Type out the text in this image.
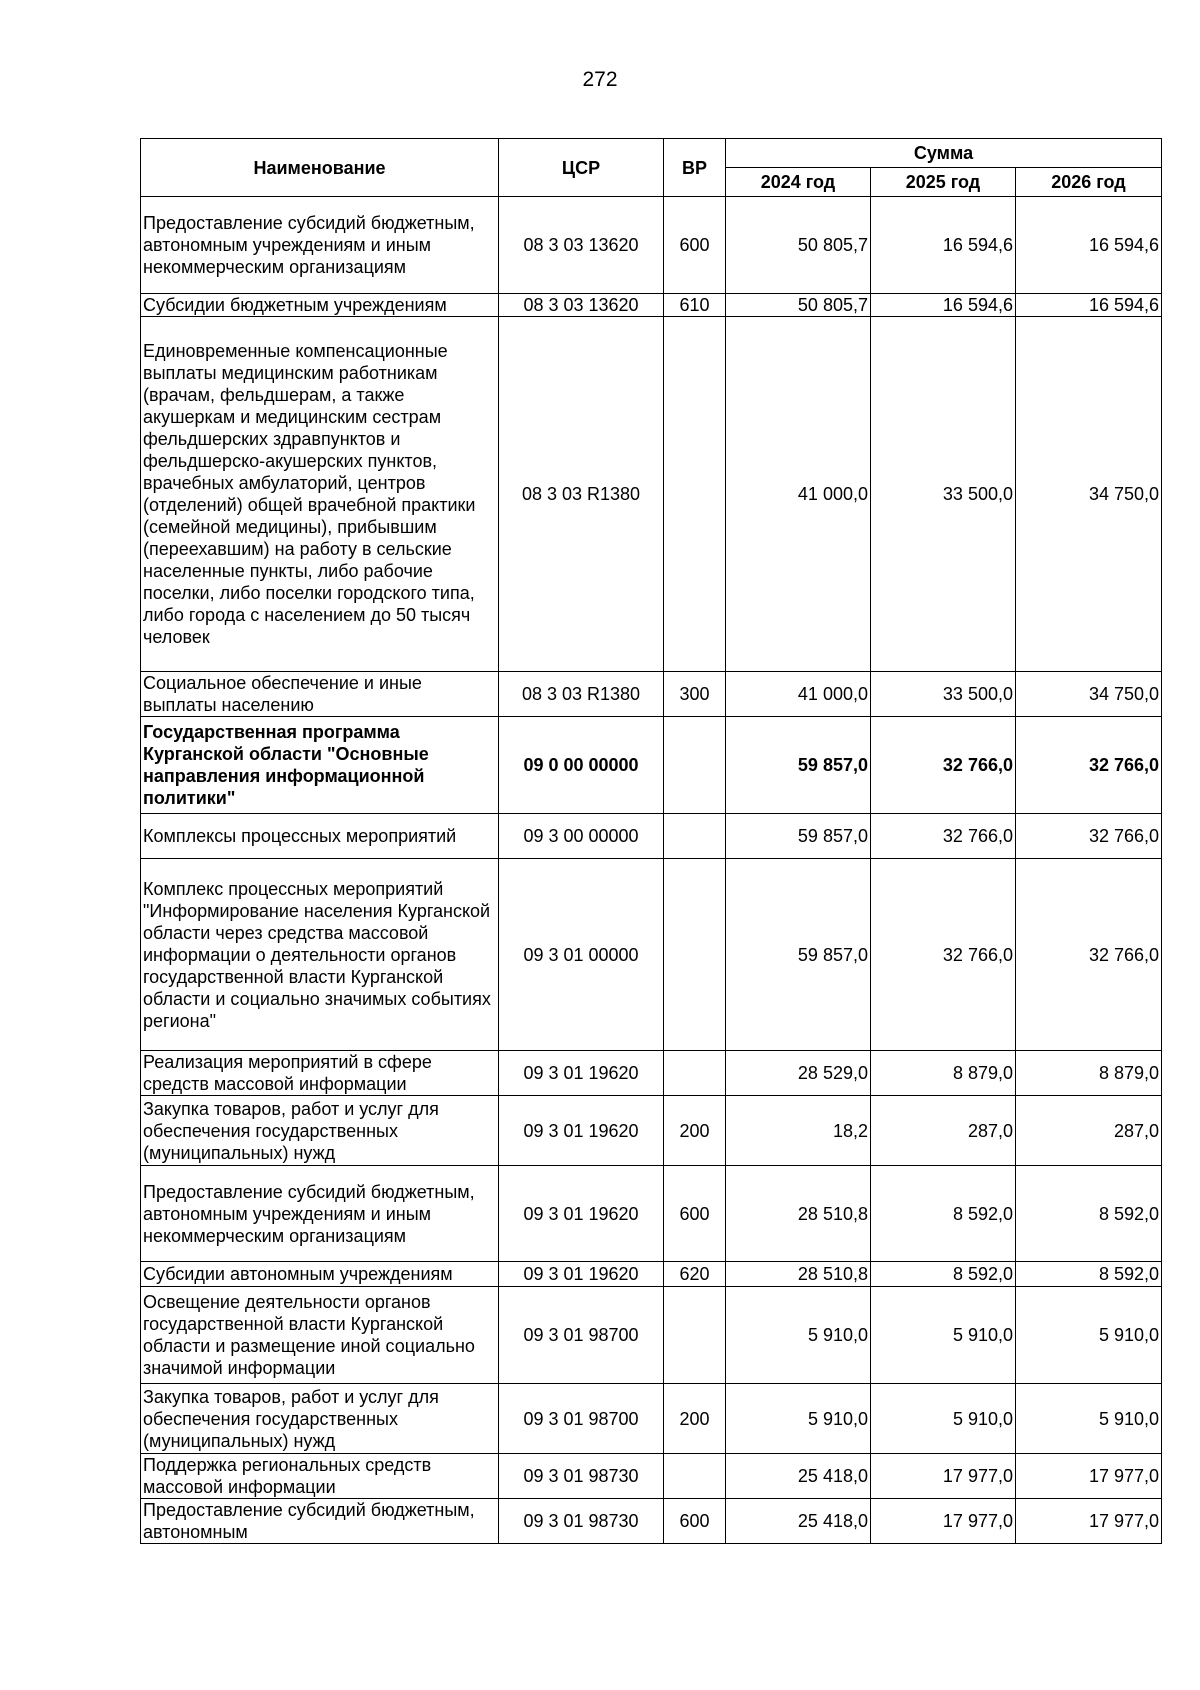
272
Наименование	ЦСР	ВР	Сумма		
			2024 год	2025 год	2026 год
Предоставление субсидий бюджетным, автономным учреждениям и иным некоммерческим организациям	08 3 03 13620	600	50 805,7	16 594,6	16 594,6
Субсидии бюджетным учреждениям	08 3 03 13620	610	50 805,7	16 594,6	16 594,6
Единовременные компенсационные выплаты медицинским работникам (врачам, фельдшерам, а также акушеркам и медицинским сестрам фельдшерских здравпунктов и фельдшерско-акушерских пунктов, врачебных амбулаторий, центров (отделений) общей врачебной практики (семейной медицины), прибывшим (переехавшим) на работу в сельские населенные пункты, либо рабочие поселки, либо поселки городского типа, либо города с населением до 50 тысяч человек	08 3 03 R1380		41 000,0	33 500,0	34 750,0
Социальное обеспечение и иные выплаты населению	08 3 03 R1380	300	41 000,0	33 500,0	34 750,0
Государственная программа Курганской области "Основные направления информационной политики"	09 0 00 00000		59 857,0	32 766,0	32 766,0
Комплексы процессных мероприятий	09 3 00 00000		59 857,0	32 766,0	32 766,0
Комплекс процессных мероприятий "Информирование населения Курганской области через средства массовой информации о деятельности органов государственной власти Курганской области и социально значимых событиях региона"	09 3 01 00000		59 857,0	32 766,0	32 766,0
Реализация мероприятий в сфере средств массовой информации	09 3 01 19620		28 529,0	8 879,0	8 879,0
Закупка товаров, работ и услуг для обеспечения государственных (муниципальных) нужд	09 3 01 19620	200	18,2	287,0	287,0
Предоставление субсидий бюджетным, автономным учреждениям и иным некоммерческим организациям	09 3 01 19620	600	28 510,8	8 592,0	8 592,0
Субсидии автономным учреждениям	09 3 01 19620	620	28 510,8	8 592,0	8 592,0
Освещение деятельности органов государственной власти Курганской области и размещение иной социально значимой информации	09 3 01 98700		5 910,0	5 910,0	5 910,0
Закупка товаров, работ и услуг для обеспечения государственных (муниципальных) нужд	09 3 01 98700	200	5 910,0	5 910,0	5 910,0
Поддержка региональных средств массовой информации	09 3 01 98730		25 418,0	17 977,0	17 977,0
Предоставление субсидий бюджетным, автономным	09 3 01 98730	600	25 418,0	17 977,0	17 977,0
